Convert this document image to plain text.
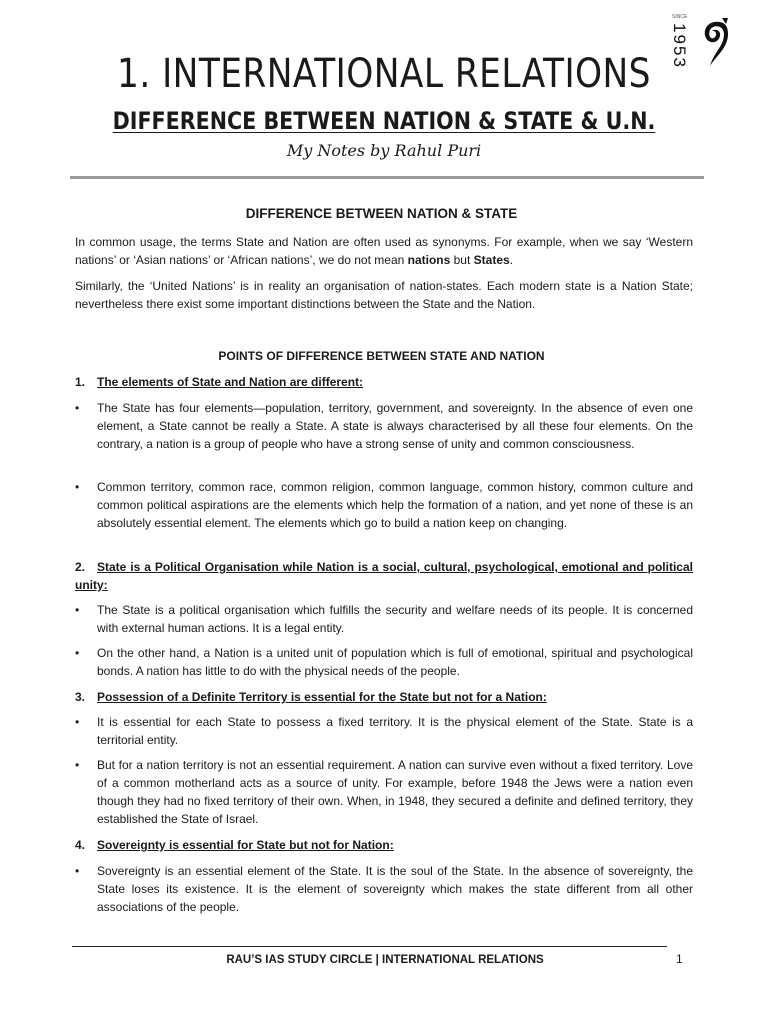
SINCE
1953
1. INTERNATIONAL RELATIONS
DIFFERENCE BETWEEN NATION & STATE & U.N.
My Notes by Rahul Puri
DIFFERENCE BETWEEN NATION & STATE

In common usage, the terms State and Nation are often used as synonyms. For example, when we say ‘Western nations’ or ‘Asian nations’ or ‘African nations’, we do not mean nations but States.

Similarly, the ‘United Nations’ is in reality an organisation of nation-states. Each modern state is a Nation State; nevertheless there exist some important distinctions between the State and the Nation.

POINTS OF DIFFERENCE BETWEEN STATE AND NATION
1. The elements of State and Nation are different:
• The State has four elements—population, territory, government, and sovereignty. In the absence of even one element, a State cannot be really a State. A state is always characterised by all these four elements. On the contrary, a nation is a group of people who have a strong sense of unity and common consciousness.
• Common territory, common race, common religion, common language, common history, common culture and common political aspirations are the elements which help the formation of a nation, and yet none of these is an absolutely essential element. The elements which go to build a nation keep on changing.
2. State is a Political Organisation while Nation is a social, cultural, psychological, emotional and political unity:
• The State is a political organisation which fulfills the security and welfare needs of its people. It is concerned with external human actions. It is a legal entity.
• On the other hand, a Nation is a united unit of population which is full of emotional, spiritual and psychological bonds. A nation has little to do with the physical needs of the people.
3. Possession of a Definite Territory is essential for the State but not for a Nation:
• It is essential for each State to possess a fixed territory. It is the physical element of the State. State is a territorial entity.
• But for a nation territory is not an essential requirement. A nation can survive even without a fixed territory. Love of a common motherland acts as a source of unity. For example, before 1948 the Jews were a nation even though they had no fixed territory of their own. When, in 1948, they secured a definite and defined territory, they established the State of Israel.
4. Sovereignty is essential for State but not for Nation:
• Sovereignty is an essential element of the State. It is the soul of the State. In the absence of sovereignty, the State loses its existence. It is the element of sovereignty which makes the state different from all other associations of the people.
RAU’S IAS STUDY CIRCLE | INTERNATIONAL RELATIONS	1
